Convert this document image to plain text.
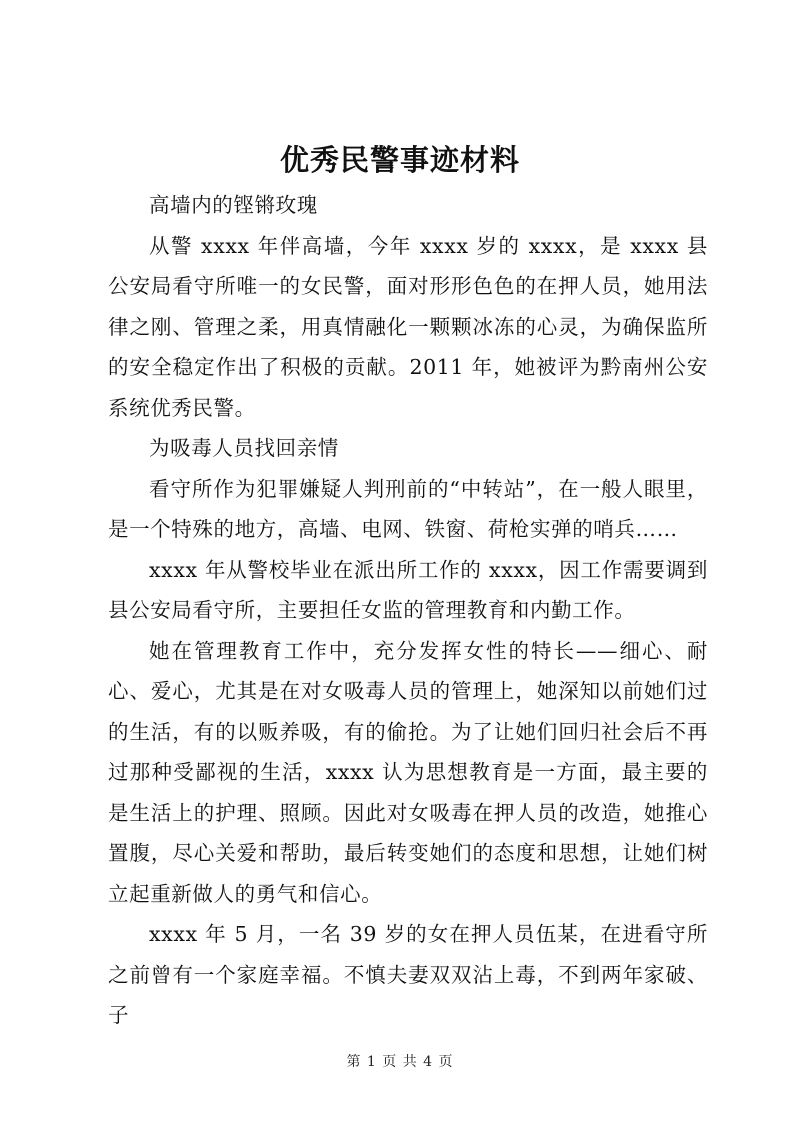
优秀民警事迹材料

高墙内的铿锵玫瑰

从警 xxxx 年伴高墙，今年 xxxx 岁的 xxxx，是 xxxx 县公安局看守所唯一的女民警，面对形形色色的在押人员，她用法律之刚、管理之柔，用真情融化一颗颗冰冻的心灵，为确保监所的安全稳定作出了积极的贡献。2011 年，她被评为黔南州公安系统优秀民警。

为吸毒人员找回亲情

看守所作为犯罪嫌疑人判刑前的“中转站”，在一般人眼里，是一个特殊的地方，高墙、电网、铁窗、荷枪实弹的哨兵……

xxxx 年从警校毕业在派出所工作的 xxxx，因工作需要调到县公安局看守所，主要担任女监的管理教育和内勤工作。

她在管理教育工作中，充分发挥女性的特长——细心、耐心、爱心，尤其是在对女吸毒人员的管理上，她深知以前她们过的生活，有的以贩养吸，有的偷抢。为了让她们回归社会后不再过那种受鄙视的生活，xxxx 认为思想教育是一方面，最主要的是生活上的护理、照顾。因此对女吸毒在押人员的改造，她推心置腹，尽心关爱和帮助，最后转变她们的态度和思想，让她们树立起重新做人的勇气和信心。

xxxx 年 5 月，一名 39 岁的女在押人员伍某，在进看守所之前曾有一个家庭幸福。不慎夫妻双双沾上毒，不到两年家破、子

第 1 页 共 4 页
